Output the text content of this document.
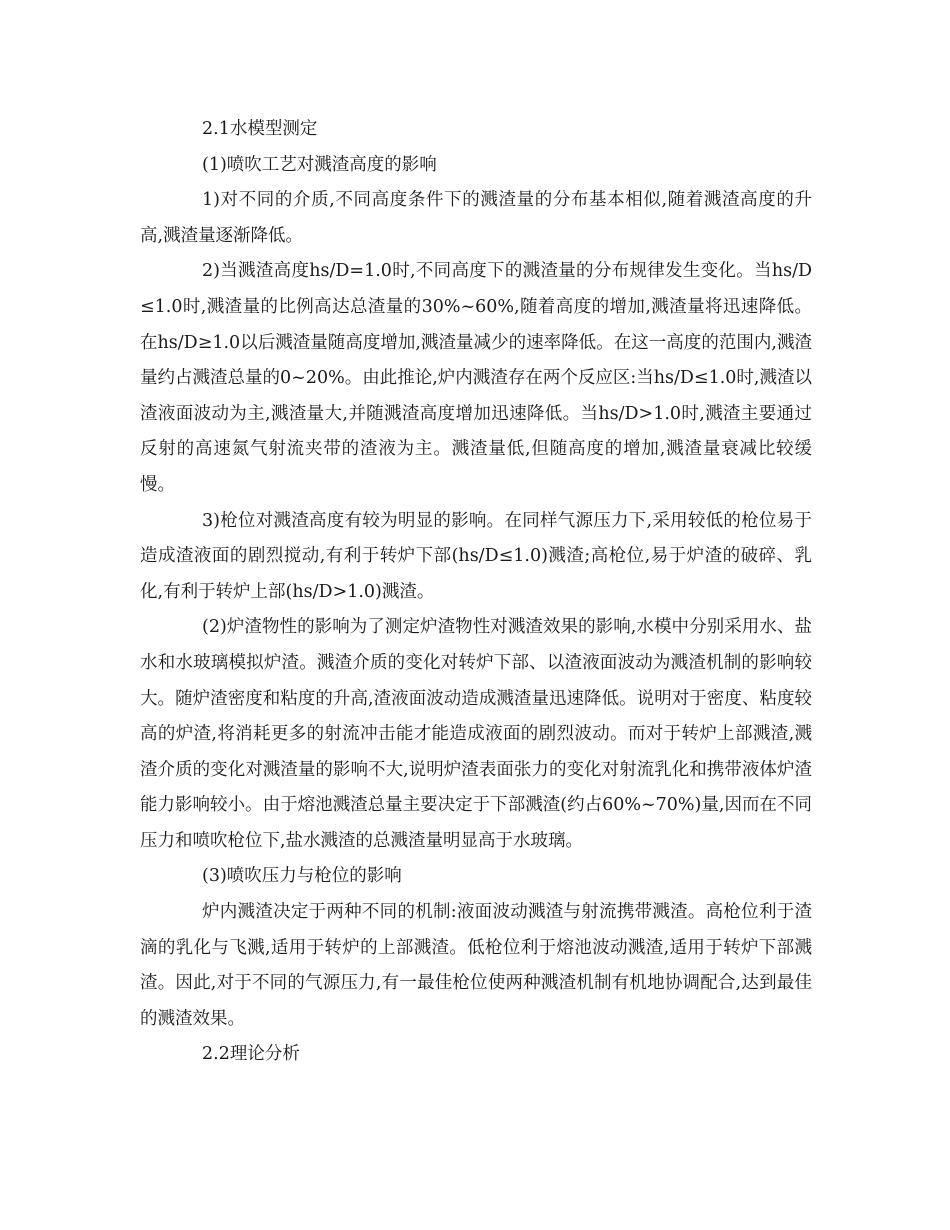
2.1水模型测定

(1)喷吹工艺对溅渣高度的影响

1)对不同的介质,不同高度条件下的溅渣量的分布基本相似,随着溅渣高度的升高,溅渣量逐渐降低。

2)当溅渣高度hs/D=1.0时,不同高度下的溅渣量的分布规律发生变化。当hs/D≤1.0时,溅渣量的比例高达总渣量的30%~60%,随着高度的增加,溅渣量将迅速降低。在hs/D≥1.0以后溅渣量随高度增加,溅渣量减少的速率降低。在这一高度的范围内,溅渣量约占溅渣总量的0~20%。由此推论,炉内溅渣存在两个反应区:当hs/D≤1.0时,溅渣以渣液面波动为主,溅渣量大,并随溅渣高度增加迅速降低。当hs/D>1.0时,溅渣主要通过反射的高速氮气射流夹带的渣液为主。溅渣量低,但随高度的增加,溅渣量衰减比较缓慢。

3)枪位对溅渣高度有较为明显的影响。在同样气源压力下,采用较低的枪位易于造成渣液面的剧烈搅动,有利于转炉下部(hs/D≤1.0)溅渣;高枪位,易于炉渣的破碎、乳化,有利于转炉上部(hs/D>1.0)溅渣。

(2)炉渣物性的影响为了测定炉渣物性对溅渣效果的影响,水模中分别采用水、盐水和水玻璃模拟炉渣。溅渣介质的变化对转炉下部、以渣液面波动为溅渣机制的影响较大。随炉渣密度和粘度的升高,渣液面波动造成溅渣量迅速降低。说明对于密度、粘度较高的炉渣,将消耗更多的射流冲击能才能造成液面的剧烈波动。而对于转炉上部溅渣,溅渣介质的变化对溅渣量的影响不大,说明炉渣表面张力的变化对射流乳化和携带液体炉渣能力影响较小。由于熔池溅渣总量主要决定于下部溅渣(约占60%~70%)量,因而在不同压力和喷吹枪位下,盐水溅渣的总溅渣量明显高于水玻璃。

(3)喷吹压力与枪位的影响

炉内溅渣决定于两种不同的机制:液面波动溅渣与射流携带溅渣。高枪位利于渣滴的乳化与飞溅,适用于转炉的上部溅渣。低枪位利于熔池波动溅渣,适用于转炉下部溅渣。因此,对于不同的气源压力,有一最佳枪位使两种溅渣机制有机地协调配合,达到最佳的溅渣效果。

2.2理论分析
